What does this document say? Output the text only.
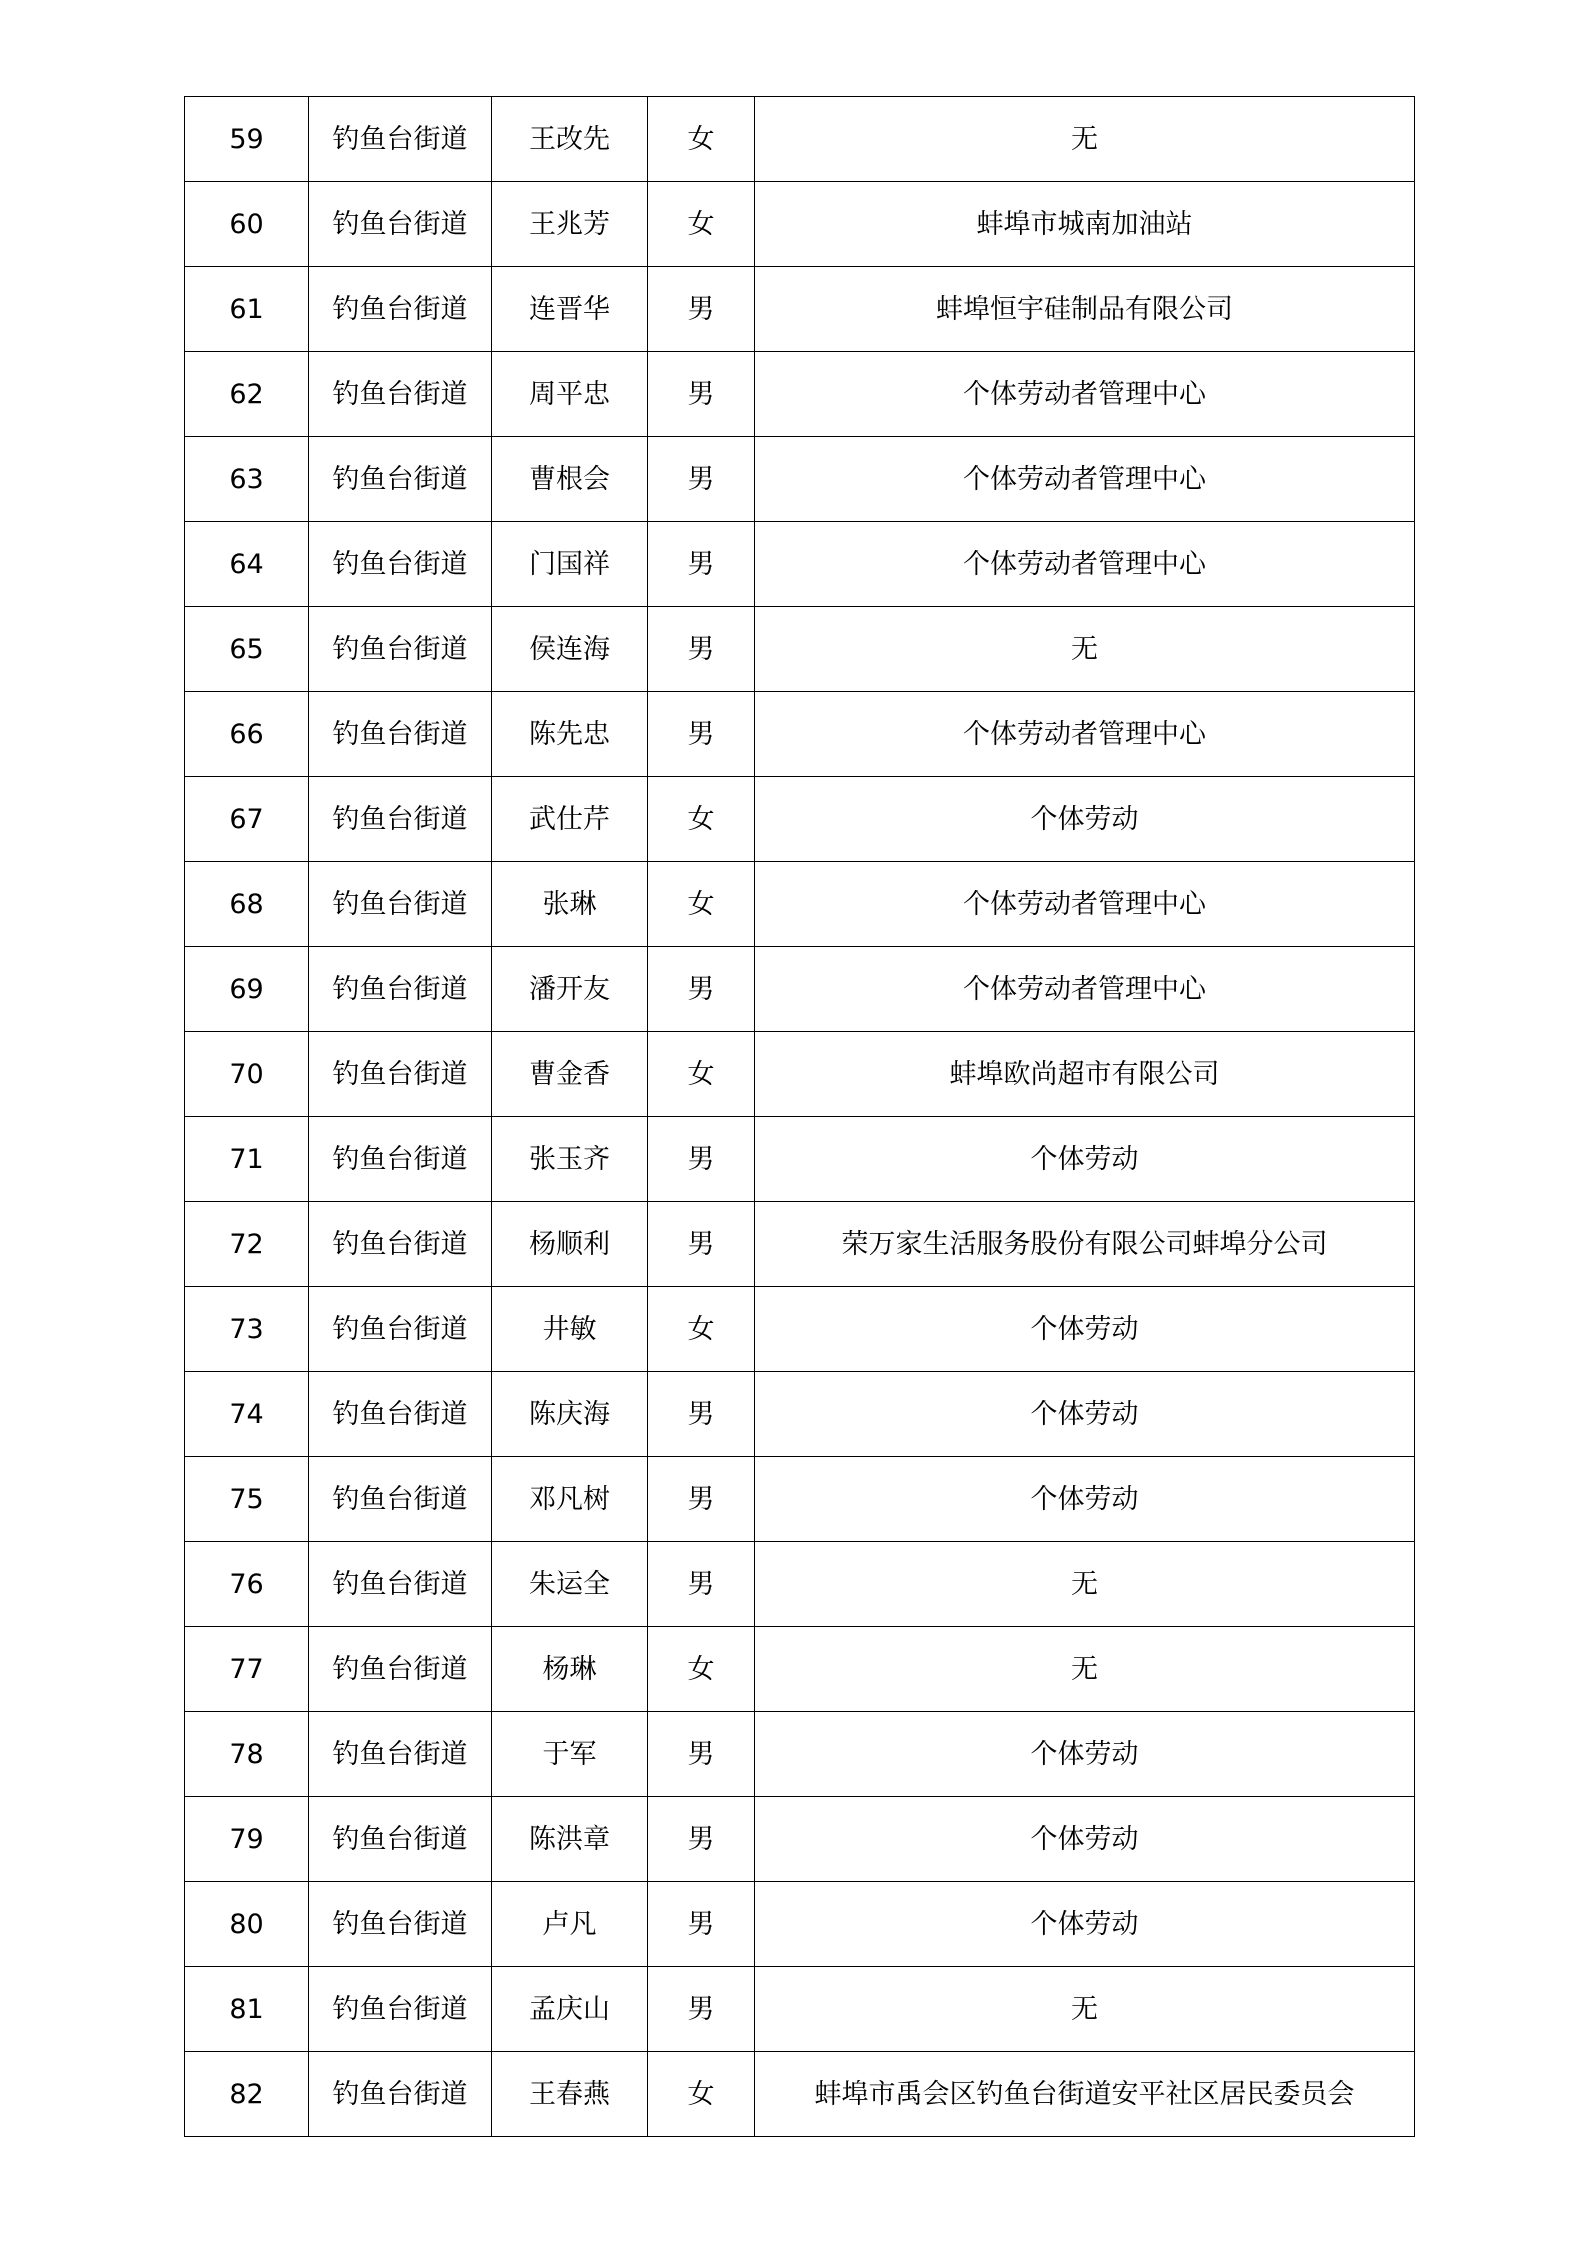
59	钓鱼台街道	王改先	女	无
60	钓鱼台街道	王兆芳	女	蚌埠市城南加油站
61	钓鱼台街道	连晋华	男	蚌埠恒宇硅制品有限公司
62	钓鱼台街道	周平忠	男	个体劳动者管理中心
63	钓鱼台街道	曹根会	男	个体劳动者管理中心
64	钓鱼台街道	门国祥	男	个体劳动者管理中心
65	钓鱼台街道	侯连海	男	无
66	钓鱼台街道	陈先忠	男	个体劳动者管理中心
67	钓鱼台街道	武仕芹	女	个体劳动
68	钓鱼台街道	张琳	女	个体劳动者管理中心
69	钓鱼台街道	潘开友	男	个体劳动者管理中心
70	钓鱼台街道	曹金香	女	蚌埠欧尚超市有限公司
71	钓鱼台街道	张玉齐	男	个体劳动
72	钓鱼台街道	杨顺利	男	荣万家生活服务股份有限公司蚌埠分公司
73	钓鱼台街道	井敏	女	个体劳动
74	钓鱼台街道	陈庆海	男	个体劳动
75	钓鱼台街道	邓凡树	男	个体劳动
76	钓鱼台街道	朱运全	男	无
77	钓鱼台街道	杨琳	女	无
78	钓鱼台街道	于军	男	个体劳动
79	钓鱼台街道	陈洪章	男	个体劳动
80	钓鱼台街道	卢凡	男	个体劳动
81	钓鱼台街道	孟庆山	男	无
82	钓鱼台街道	王春燕	女	蚌埠市禹会区钓鱼台街道安平社区居民委员会
